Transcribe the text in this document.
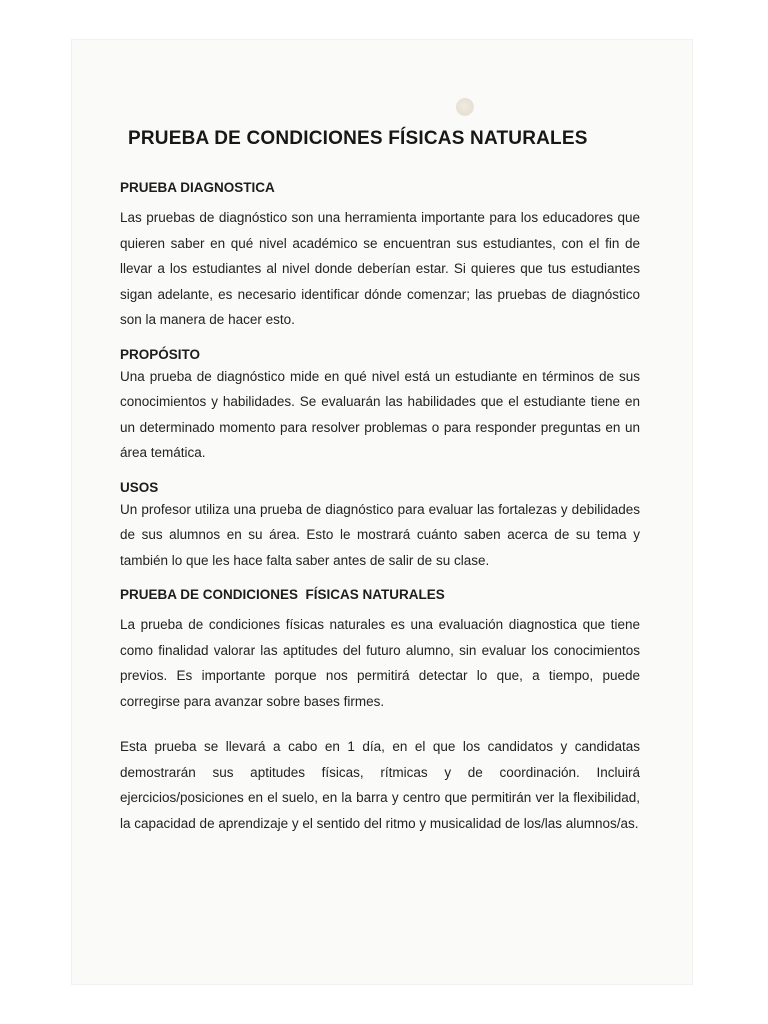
PRUEBA DE CONDICIONES FÍSICAS NATURALES
PRUEBA DIAGNOSTICA

Las pruebas de diagnóstico son una herramienta importante para los educadores que quieren saber en qué nivel académico se encuentran sus estudiantes, con el fin de llevar a los estudiantes al nivel donde deberían estar. Si quieres que tus estudiantes sigan adelante, es necesario identificar dónde comenzar; las pruebas de diagnóstico son la manera de hacer esto.

PROPÓSITO

Una prueba de diagnóstico mide en qué nivel está un estudiante en términos de sus conocimientos y habilidades. Se evaluarán las habilidades que el estudiante tiene en un determinado momento para resolver problemas o para responder preguntas en un área temática.

USOS

Un profesor utiliza una prueba de diagnóstico para evaluar las fortalezas y debilidades de sus alumnos en su área. Esto le mostrará cuánto saben acerca de su tema y también lo que les hace falta saber antes de salir de su clase.

PRUEBA DE CONDICIONES  FÍSICAS NATURALES

La prueba de condiciones físicas naturales es una evaluación diagnostica que tiene como finalidad valorar las aptitudes del futuro alumno, sin evaluar los conocimientos previos. Es importante porque nos permitirá detectar lo que, a tiempo, puede corregirse para avanzar sobre bases firmes.

Esta prueba se llevará a cabo en 1 día, en el que los candidatos y candidatas demostrarán sus aptitudes físicas, rítmicas y de coordinación. Incluirá ejercicios/posiciones en el suelo, en la barra y centro que permitirán ver la flexibilidad, la capacidad de aprendizaje y el sentido del ritmo y musicalidad de los/las alumnos/as.
